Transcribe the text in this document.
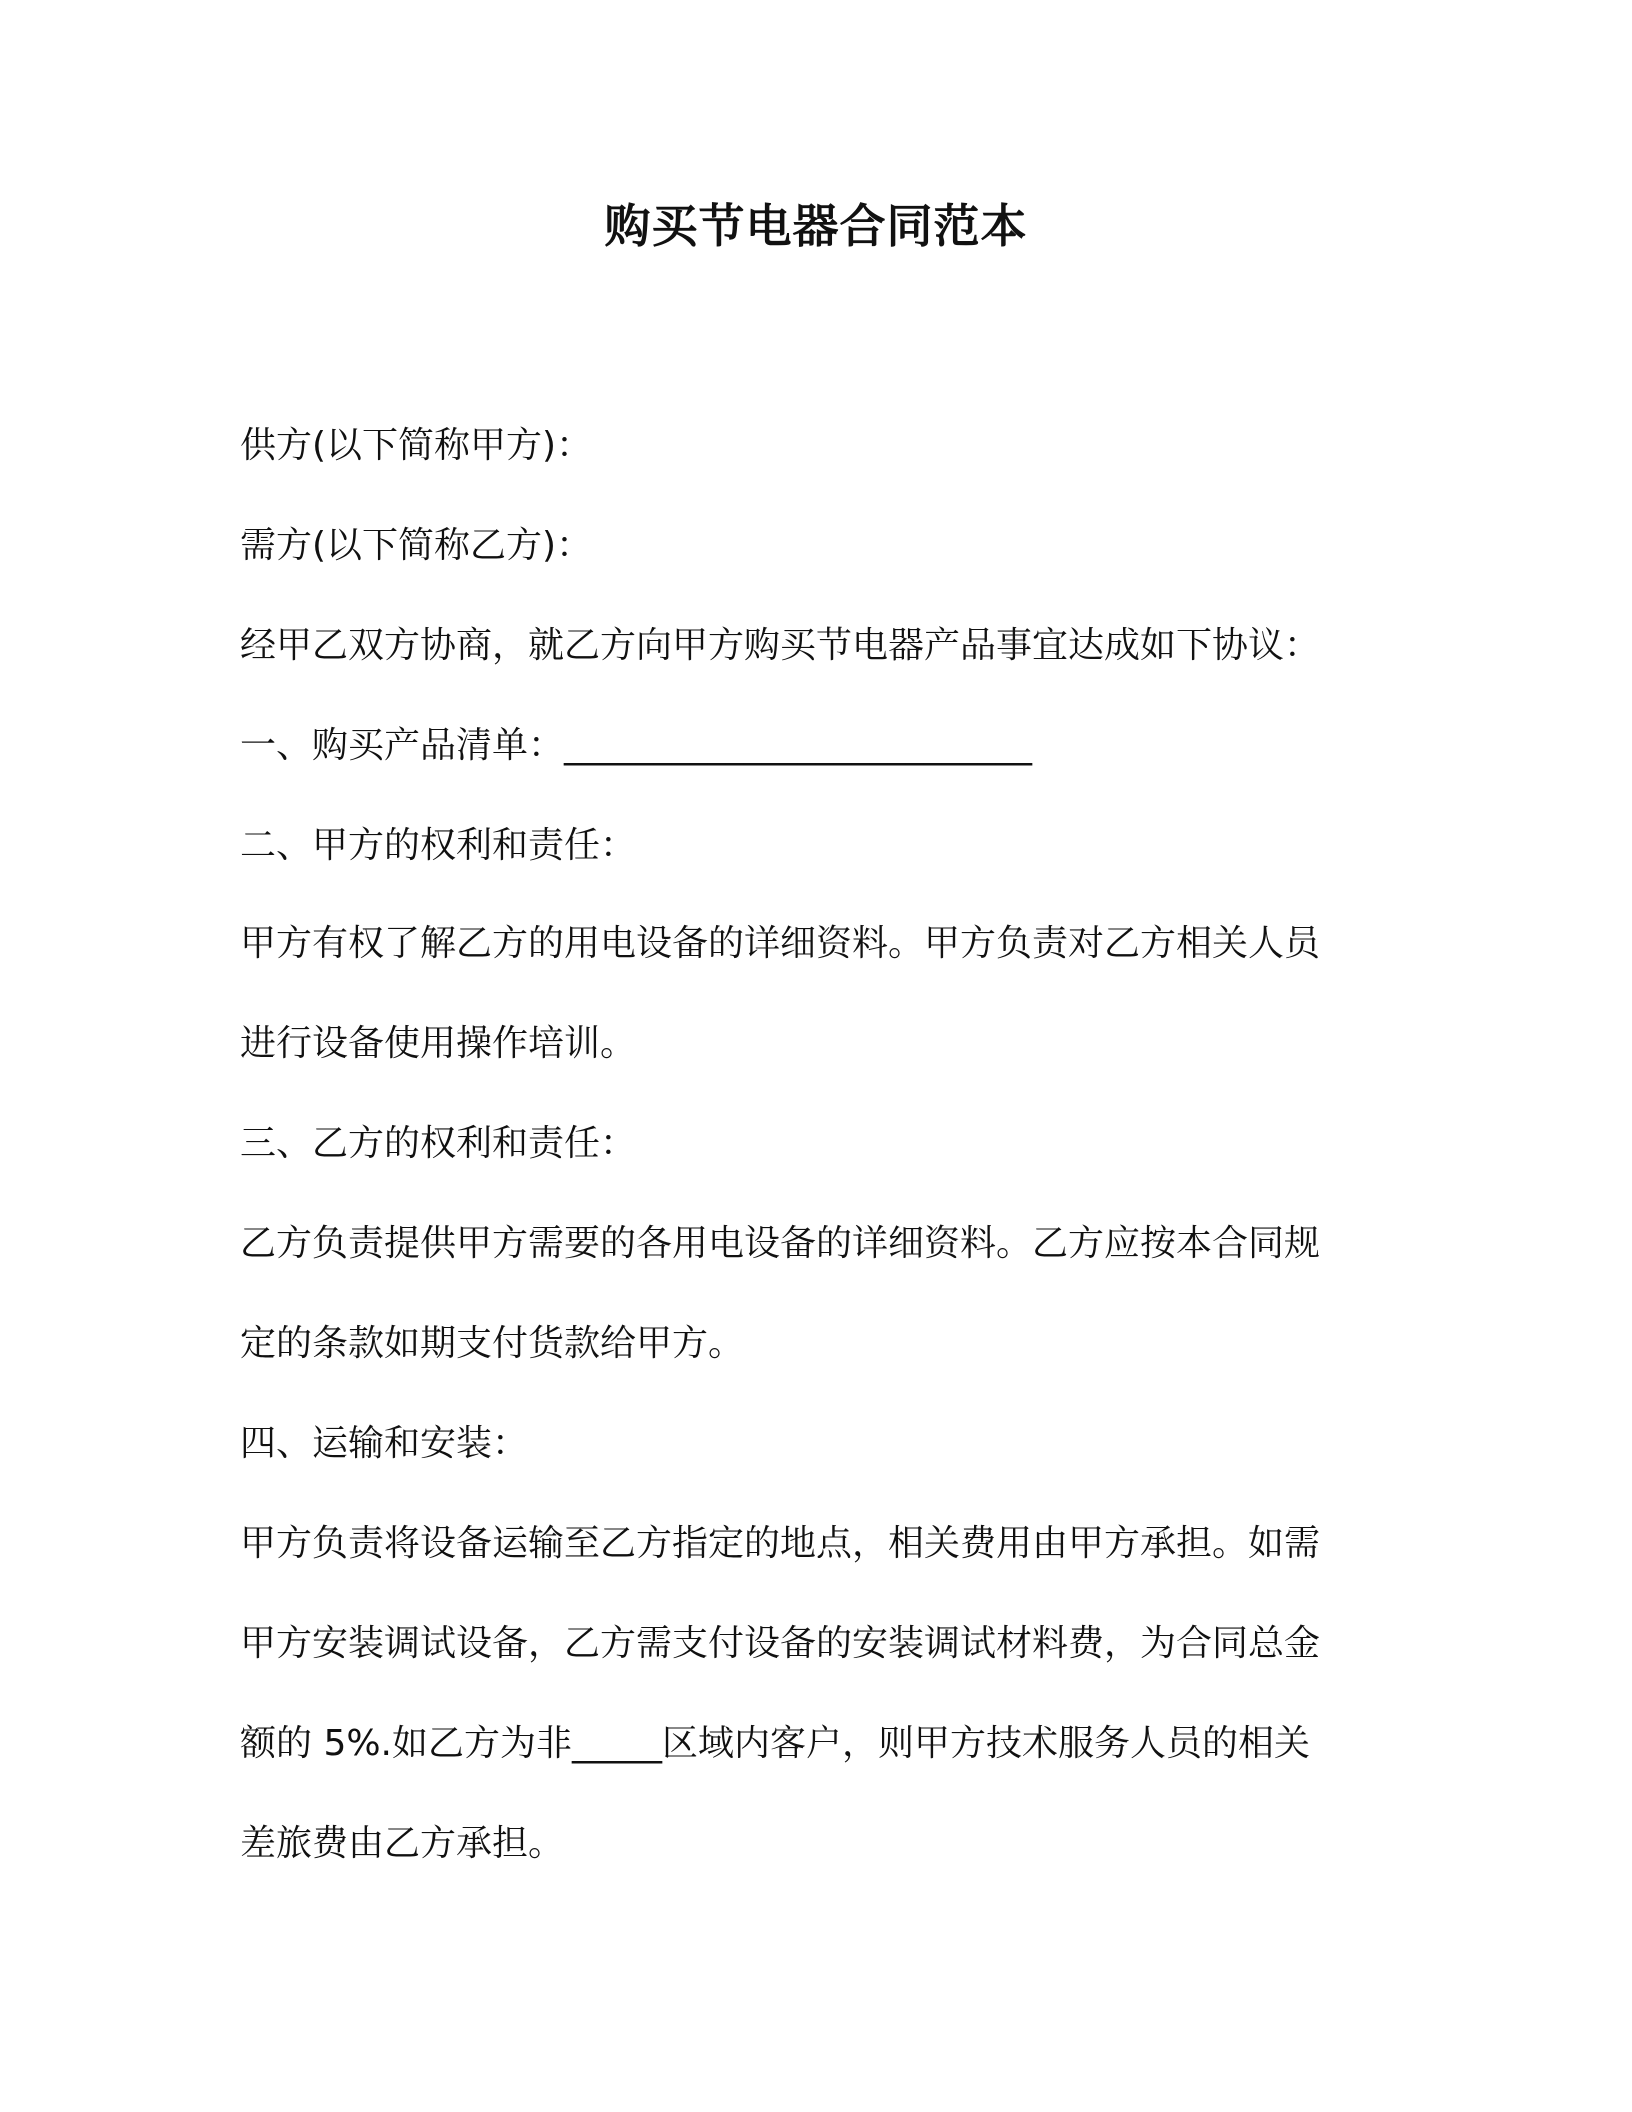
购买节电器合同范本
供方(以下简称甲方)：
需方(以下简称乙方)：
经甲乙双方协商，就乙方向甲方购买节电器产品事宜达成如下协议：
一、购买产品清单：__________________________
二、甲方的权利和责任：
甲方有权了解乙方的用电设备的详细资料。甲方负责对乙方相关人员
进行设备使用操作培训。
三、乙方的权利和责任：
乙方负责提供甲方需要的各用电设备的详细资料。乙方应按本合同规
定的条款如期支付货款给甲方。
四、运输和安装：
甲方负责将设备运输至乙方指定的地点，相关费用由甲方承担。如需
甲方安装调试设备，乙方需支付设备的安装调试材料费，为合同总金
额的 5%.如乙方为非_____区域内客户，则甲方技术服务人员的相关
差旅费由乙方承担。
